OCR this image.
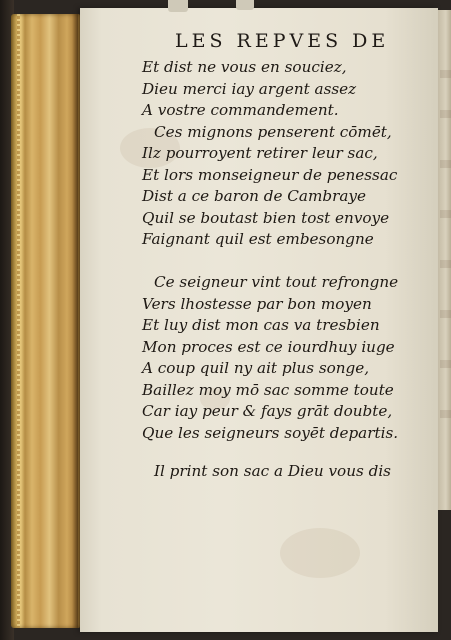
LES REPVES DE
Et dist ne vous en souciez,
Dieu merci iay argent assez
A vostre commandement.
Ces mignons penserent cōmēt,
Ilz pourroyent retirer leur sac,
Et lors monseigneur de penessac
Dist a ce baron de Cambraye
Quil se boutast bien tost envoye
Faignant quil est embesongne
Ce seigneur vint tout refrongne
Vers lhostesse par bon moyen
Et luy dist mon cas va tresbien
Mon proces est ce iourdhuy iuge
A coup quil ny ait plus songe,
Baillez moy mō sac somme toute
Car iay peur & fays grāt doubte,
Que les seigneurs soyēt departis.
Il print son sac a Dieu vous dis
